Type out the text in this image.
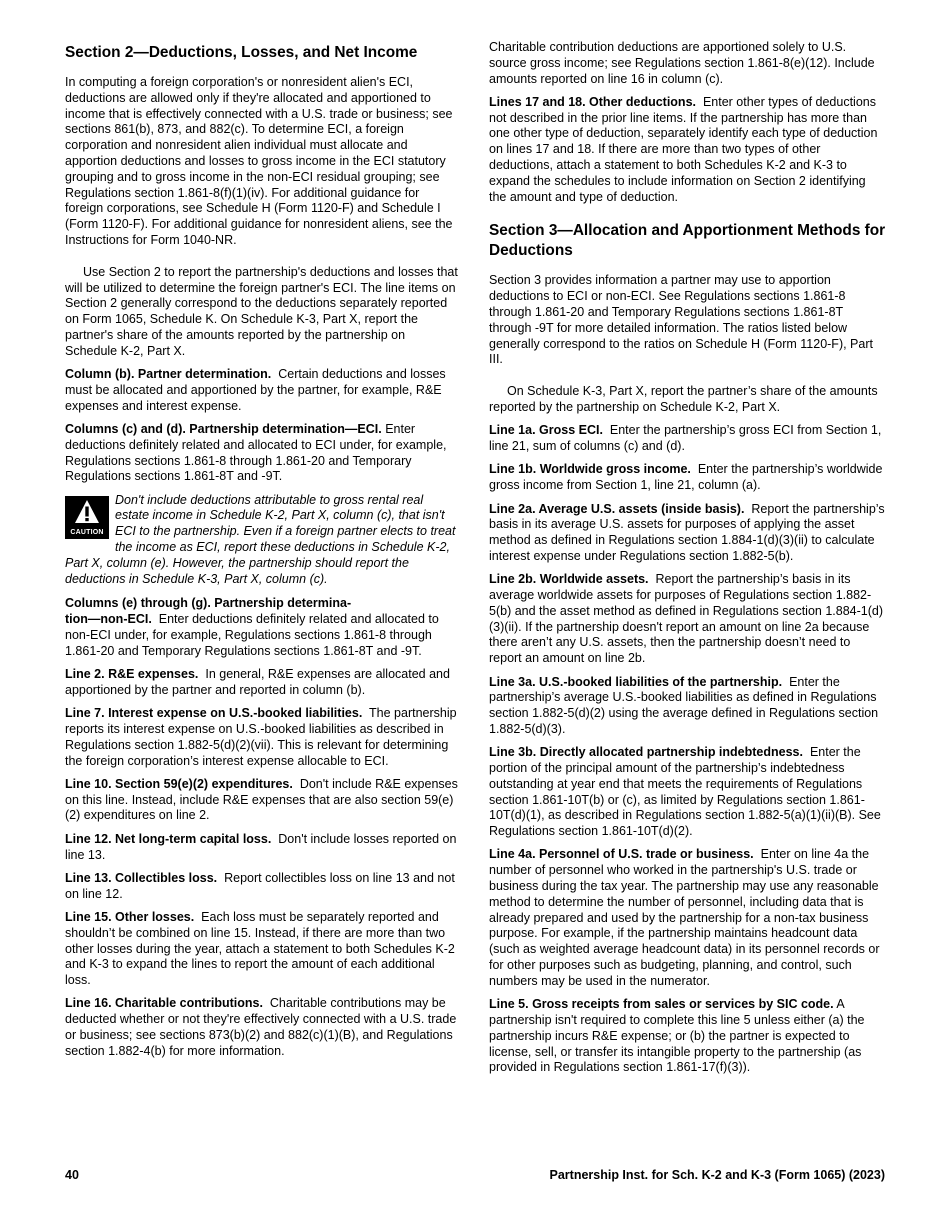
Section 2—Deductions, Losses, and Net Income

In computing a foreign corporation's or nonresident alien's ECI, deductions are allowed only if they're allocated and apportioned to income that is effectively connected with a U.S. trade or business; see sections 861(b), 873, and 882(c). To determine ECI, a foreign corporation and nonresident alien individual must allocate and apportion deductions and losses to gross income in the ECI statutory grouping and to gross income in the non-ECI residual grouping; see Regulations section 1.861-8(f)(1)(iv). For additional guidance for foreign corporations, see Schedule H (Form 1120-F) and Schedule I (Form 1120-F). For additional guidance for nonresident aliens, see the Instructions for Form 1040-NR.

Use Section 2 to report the partnership's deductions and losses that will be utilized to determine the foreign partner's ECI. The line items on Section 2 generally correspond to the deductions separately reported on Form 1065, Schedule K. On Schedule K-3, Part X, report the partner's share of the amounts reported by the partnership on Schedule K-2, Part X.

Column (b). Partner determination. Certain deductions and losses must be allocated and apportioned by the partner, for example, R&E expenses and interest expense.

Columns (c) and (d). Partnership determination—ECI. Enter deductions definitely related and allocated to ECI under, for example, Regulations sections 1.861-8 through 1.861-20 and Temporary Regulations sections 1.861-8T and -9T.

CAUTION
Don't include deductions attributable to gross rental real estate income in Schedule K-2, Part X, column (c), that isn't ECI to the partnership. Even if a foreign partner elects to treat the income as ECI, report these deductions in Schedule K-2, Part X, column (e). However, the partnership should report the deductions in Schedule K-3, Part X, column (c).

Columns (e) through (g). Partnership determina-
tion—non-ECI. Enter deductions definitely related and allocated to non-ECI under, for example, Regulations sections 1.861-8 through 1.861-20 and Temporary Regulations sections 1.861-8T and -9T.

Line 2. R&E expenses. In general, R&E expenses are allocated and apportioned by the partner and reported in column (b).

Line 7. Interest expense on U.S.-booked liabilities. The partnership reports its interest expense on U.S.-booked liabilities as described in Regulations section 1.882-5(d)(2)(vii). This is relevant for determining the foreign corporation’s interest expense allocable to ECI.

Line 10. Section 59(e)(2) expenditures. Don't include R&E expenses on this line. Instead, include R&E expenses that are also section 59(e)(2) expenditures on line 2.

Line 12. Net long-term capital loss. Don't include losses reported on line 13.

Line 13. Collectibles loss. Report collectibles loss on line 13 and not on line 12.

Line 15. Other losses. Each loss must be separately reported and shouldn’t be combined on line 15. Instead, if there are more than two other losses during the year, attach a statement to both Schedules K-2 and K-3 to expand the lines to report the amount of each additional loss.

Line 16. Charitable contributions. Charitable contributions may be deducted whether or not they're effectively connected with a U.S. trade or business; see sections 873(b)(2) and 882(c)(1)(B), and Regulations section 1.882-4(b) for more information.

Charitable contribution deductions are apportioned solely to U.S. source gross income; see Regulations section 1.861-8(e)(12). Include amounts reported on line 16 in column (c).

Lines 17 and 18. Other deductions. Enter other types of deductions not described in the prior line items. If the partnership has more than one other type of deduction, separately identify each type of deduction on lines 17 and 18. If there are more than two types of other deductions, attach a statement to both Schedules K-2 and K-3 to expand the schedules to include information on Section 2 identifying the amount and type of deduction.

Section 3—Allocation and Apportionment Methods for Deductions

Section 3 provides information a partner may use to apportion deductions to ECI or non-ECI. See Regulations sections 1.861-8 through 1.861-20 and Temporary Regulations sections 1.861-8T through -9T for more detailed information. The ratios listed below generally correspond to the ratios on Schedule H (Form 1120-F), Part III.

On Schedule K-3, Part X, report the partner’s share of the amounts reported by the partnership on Schedule K-2, Part X.

Line 1a. Gross ECI. Enter the partnership’s gross ECI from Section 1, line 21, sum of columns (c) and (d).

Line 1b. Worldwide gross income. Enter the partnership’s worldwide gross income from Section 1, line 21, column (a).

Line 2a. Average U.S. assets (inside basis). Report the partnership’s basis in its average U.S. assets for purposes of applying the asset method as defined in Regulations section 1.884-1(d)(3)(ii) to calculate interest expense under Regulations section 1.882-5(b).

Line 2b. Worldwide assets. Report the partnership’s basis in its average worldwide assets for purposes of Regulations section 1.882-5(b) and the asset method as defined in Regulations section 1.884-1(d)(3)(ii). If the partnership doesn't report an amount on line 2a because there aren’t any U.S. assets, then the partnership doesn’t need to report an amount on line 2b.

Line 3a. U.S.-booked liabilities of the partnership. Enter the partnership’s average U.S.-booked liabilities as defined in Regulations section 1.882-5(d)(2) using the average defined in Regulations section 1.882-5(d)(3).

Line 3b. Directly allocated partnership indebtedness. Enter the portion of the principal amount of the partnership’s indebtedness outstanding at year end that meets the requirements of Regulations section 1.861-10T(b) or (c), as limited by Regulations section 1.861-10T(d)(1), as described in Regulations section 1.882-5(a)(1)(ii)(B). See Regulations section 1.861-10T(d)(2).

Line 4a. Personnel of U.S. trade or business. Enter on line 4a the number of personnel who worked in the partnership's U.S. trade or business during the tax year. The partnership may use any reasonable method to determine the number of personnel, including data that is already prepared and used by the partnership for a non-tax business purpose. For example, if the partnership maintains headcount data (such as weighted average headcount data) in its personnel records or for other purposes such as budgeting, planning, and control, such numbers may be used in the numerator.

Line 5. Gross receipts from sales or services by SIC code. A partnership isn't required to complete this line 5 unless either (a) the partnership incurs R&E expense; or (b) the partner is expected to license, sell, or transfer its intangible property to the partnership (as provided in Regulations section 1.861-17(f)(3)).

40	Partnership Inst. for Sch. K-2 and K-3 (Form 1065) (2023)
